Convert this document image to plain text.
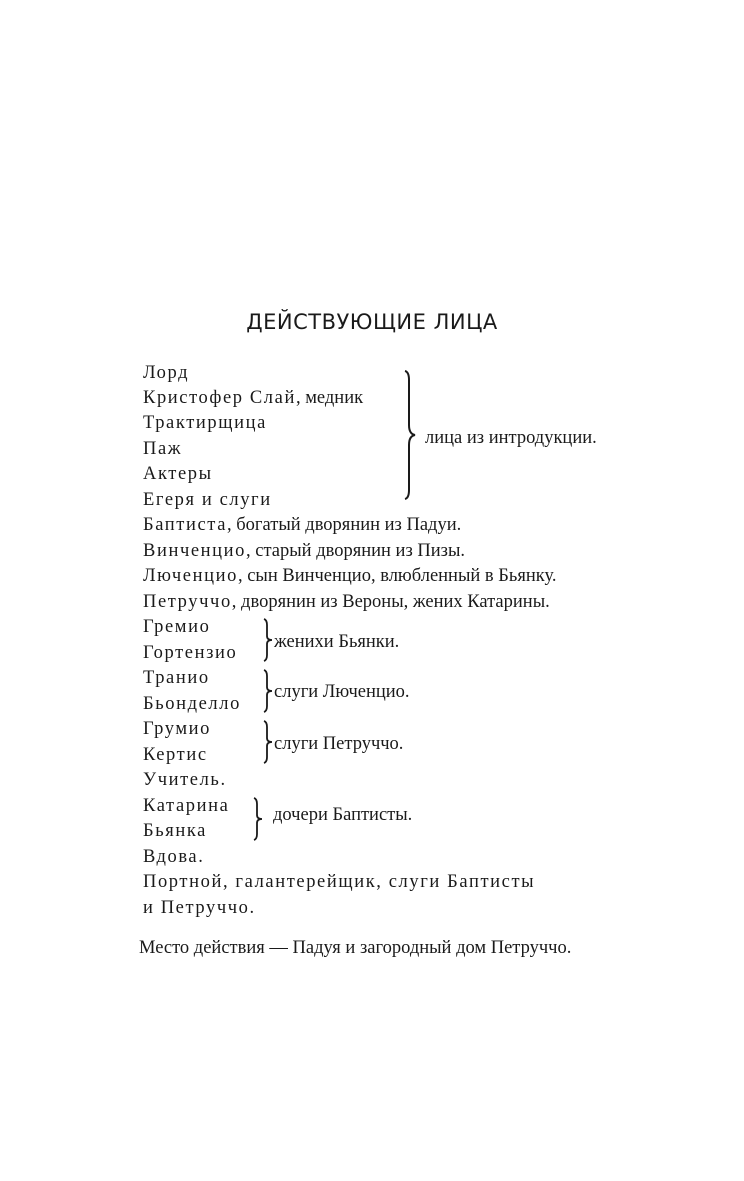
ДЕЙСТВУЮЩИЕ ЛИЦА
Лорд
Кристофер Слай, медник
Трактирщица
Паж
Актеры
Егеря и слуги
лица из интродукции.
Баптиста, богатый дворянин из Падуи.
Винченцио, старый дворянин из Пизы.
Люченцио, сын Винченцио, влюбленный в Бьянку.
Петруччо, дворянин из Вероны, жених Катарины.
Гремио
Гортензио
женихи Бьянки.
Транио
Бьонделло
слуги Люченцио.
Грумио
Кертис
слуги Петруччо.
Учитель.
Катарина
Бьянка
дочери Баптисты.
Вдова.
Портной, галантерейщик, слуги Баптисты
и Петруччо.
Место действия — Падуя и загородный дом Петруччо.
